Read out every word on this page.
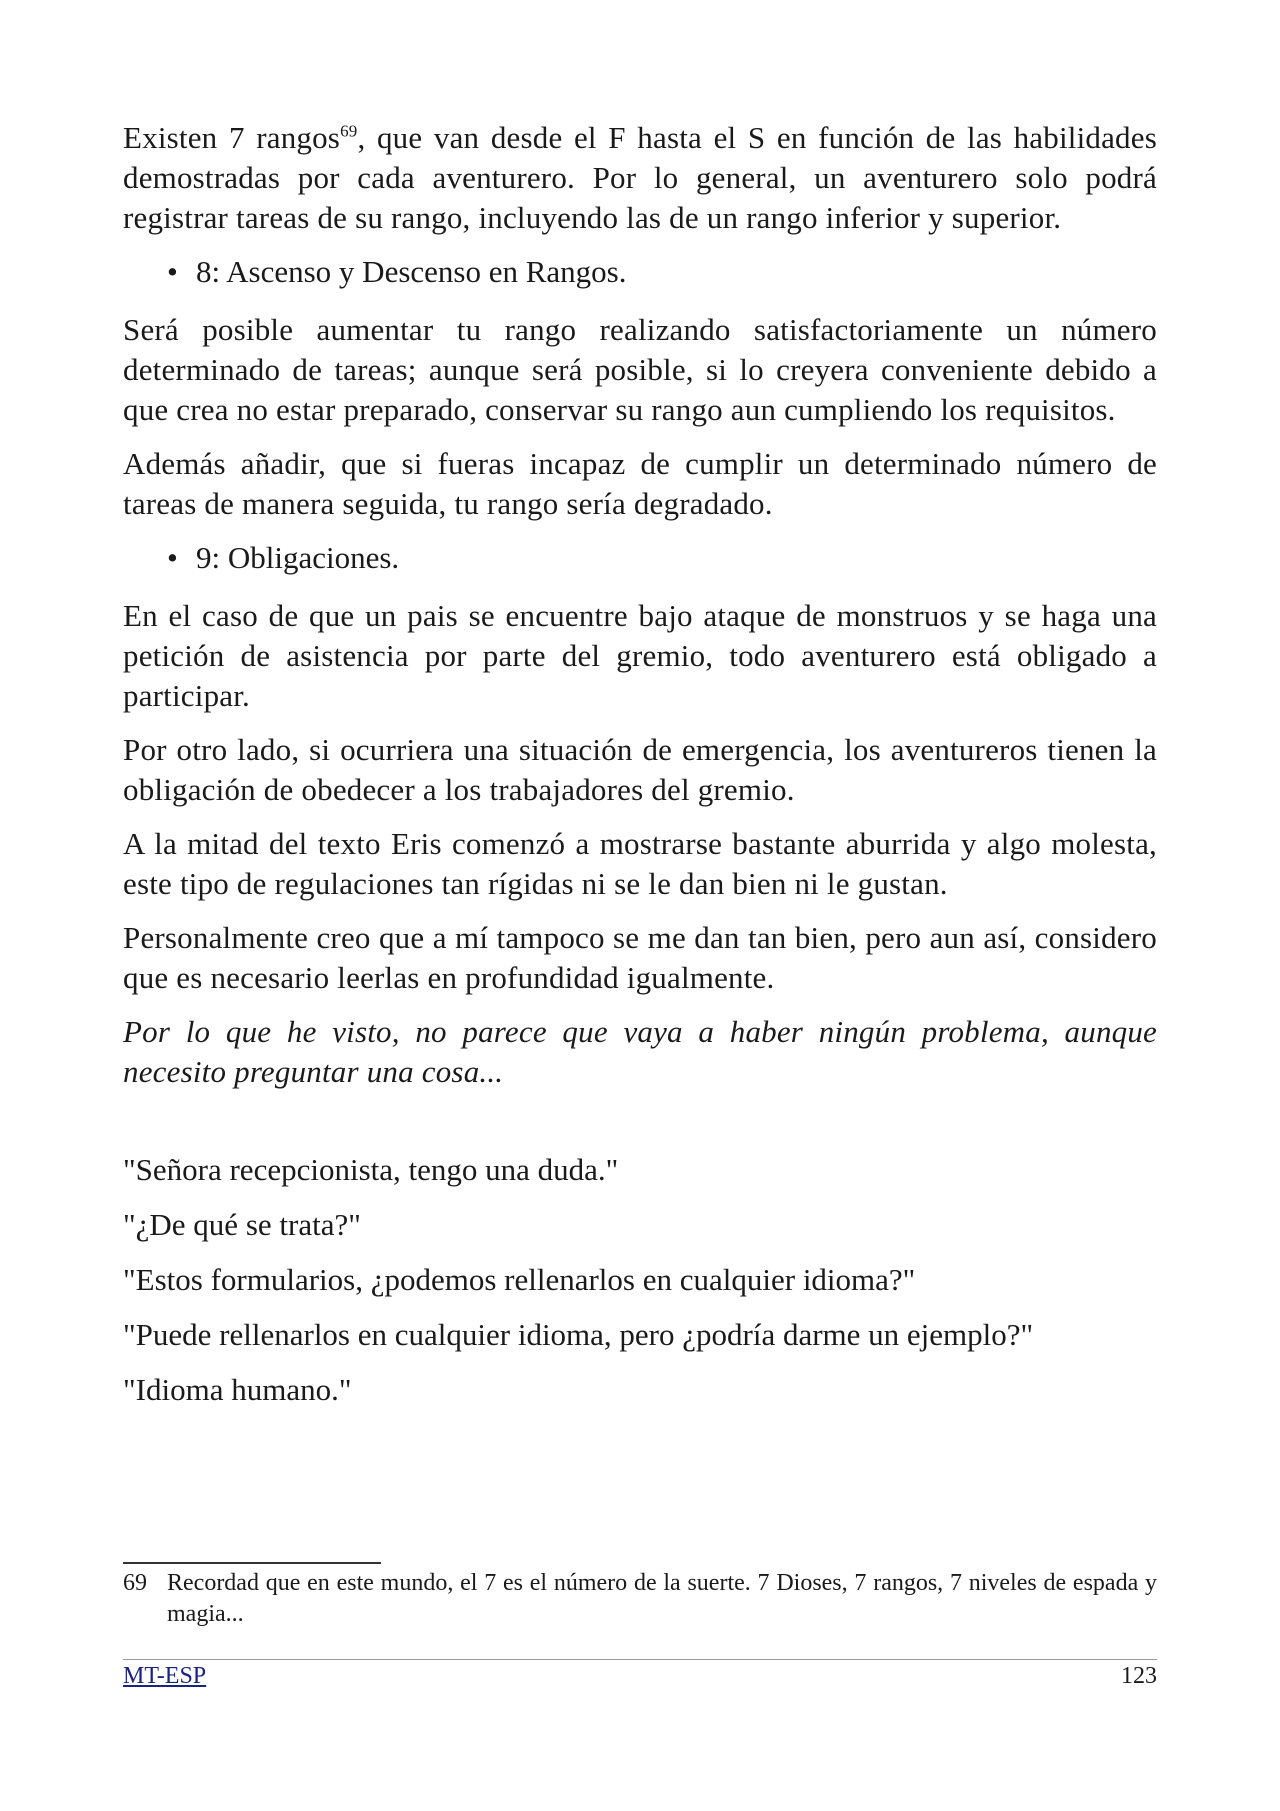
Existen 7 rangos$^{69}$, que van desde el F hasta el S en función de las habilidades demostradas por cada aventurero. Por lo general, un aventurero solo podrá registrar tareas de su rango, incluyendo las de un rango inferior y superior.

• 8: Ascenso y Descenso en Rangos.

Será posible aumentar tu rango realizando satisfactoriamente un número determinado de tareas; aunque será posible, si lo creyera conveniente debido a que crea no estar preparado, conservar su rango aun cumpliendo los requisitos.

Además añadir, que si fueras incapaz de cumplir un determinado número de tareas de manera seguida, tu rango sería degradado.

• 9: Obligaciones.

En el caso de que un pais se encuentre bajo ataque de monstruos y se haga una petición de asistencia por parte del gremio, todo aventurero está obligado a participar.

Por otro lado, si ocurriera una situación de emergencia, los aventureros tienen la obligación de obedecer a los trabajadores del gremio.

A la mitad del texto Eris comenzó a mostrarse bastante aburrida y algo molesta, este tipo de regulaciones tan rígidas ni se le dan bien ni le gustan.

Personalmente creo que a mí tampoco se me dan tan bien, pero aun así, considero que es necesario leerlas en profundidad igualmente.

Por lo que he visto, no parece que vaya a haber ningún problema, aunque necesito preguntar una cosa...

"Señora recepcionista, tengo una duda."

"¿De qué se trata?"

"Estos formularios, ¿podemos rellenarlos en cualquier idioma?"

"Puede rellenarlos en cualquier idioma, pero ¿podría darme un ejemplo?"

"Idioma humano."

69 Recordad que en este mundo, el 7 es el número de la suerte. 7 Dioses, 7 rangos, 7 niveles de espada y magia...
MT-ESP	123
